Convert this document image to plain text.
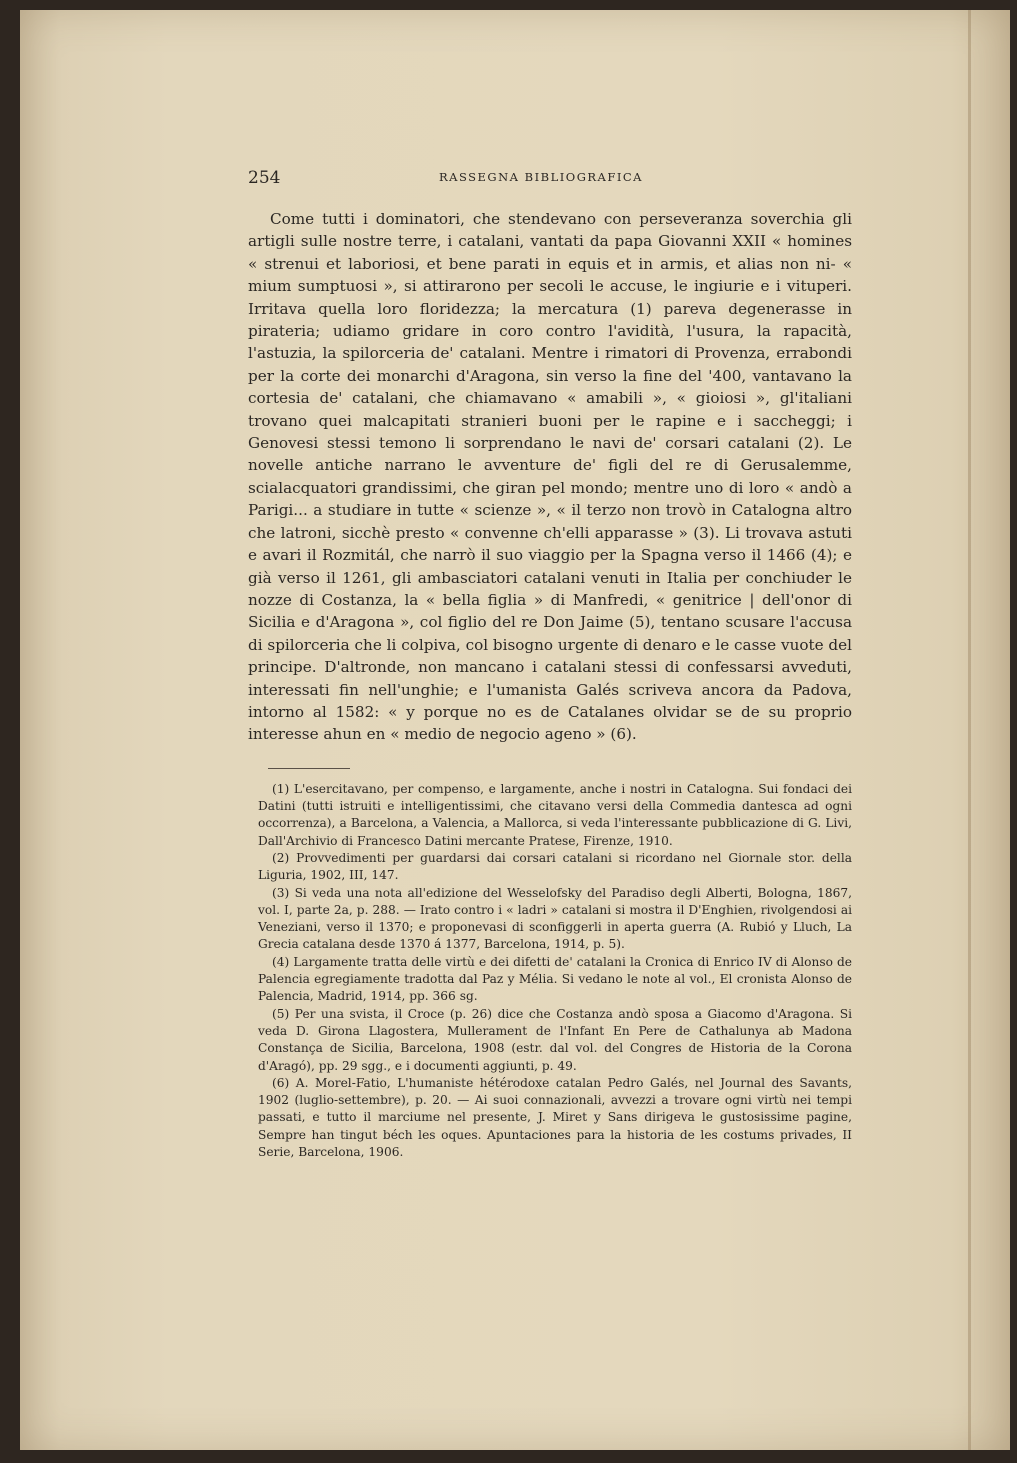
254	RASSEGNA BIBLIOGRAFICA

Come tutti i dominatori, che stendevano con perseveranza soverchia gli artigli sulle nostre terre, i catalani, vantati da papa Giovanni XXII « homines « strenui et laboriosi, et bene parati in equis et in armis, et alias non ni- « mium sumptuosi », si attirarono per secoli le accuse, le ingiurie e i vituperi. Irritava quella loro floridezza; la mercatura (1) pareva degenerasse in pirateria; udiamo gridare in coro contro l'avidità, l'usura, la rapacità, l'astuzia, la spilorceria de' catalani. Mentre i rimatori di Provenza, errabondi per la corte dei monarchi d'Aragona, sin verso la fine del '400, vantavano la cortesia de' catalani, che chiamavano « amabili », « gioiosi », gl'italiani trovano quei malcapitati stranieri buoni per le rapine e i saccheggi; i Genovesi stessi temono li sorprendano le navi de' corsari catalani (2). Le novelle antiche narrano le avventure de' figli del re di Gerusalemme, scialacquatori grandissimi, che giran pel mondo; mentre uno di loro « andò a Parigi... a studiare in tutte « scienze », « il terzo non trovò in Catalogna altro che latroni, sicchè presto « convenne ch'elli apparasse » (3). Li trovava astuti e avari il Rozmitál, che narrò il suo viaggio per la Spagna verso il 1466 (4); e già verso il 1261, gli ambasciatori catalani venuti in Italia per conchiuder le nozze di Costanza, la « bella figlia » di Manfredi, « genitrice | dell'onor di Sicilia e d'Aragona », col figlio del re Don Jaime (5), tentano scusare l'accusa di spilorceria che li colpiva, col bisogno urgente di denaro e le casse vuote del principe. D'altronde, non mancano i catalani stessi di confessarsi avveduti, interessati fin nell'unghie; e l'umanista Galés scriveva ancora da Padova, intorno al 1582: « y porque no es de Catalanes olvidar se de su proprio interesse ahun en « medio de negocio ageno » (6).

(1) L'esercitavano, per compenso, e largamente, anche i nostri in Catalogna. Sui fondaci dei Datini (tutti istruiti e intelligentissimi, che citavano versi della Commedia dantesca ad ogni occorrenza), a Barcelona, a Valencia, a Mallorca, si veda l'interessante pubblicazione di G. Livi, Dall'Archivio di Francesco Datini mercante Pratese, Firenze, 1910.

(2) Provvedimenti per guardarsi dai corsari catalani si ricordano nel Giornale stor. della Liguria, 1902, III, 147.

(3) Si veda una nota all'edizione del Wesselofsky del Paradiso degli Alberti, Bologna, 1867, vol. I, parte 2a, p. 288. — Irato contro i « ladri » catalani si mostra il D'Enghien, rivolgendosi ai Veneziani, verso il 1370; e proponevasi di sconfiggerli in aperta guerra (A. Rubió y Lluch, La Grecia catalana desde 1370 á 1377, Barcelona, 1914, p. 5).

(4) Largamente tratta delle virtù e dei difetti de' catalani la Cronica di Enrico IV di Alonso de Palencia egregiamente tradotta dal Paz y Mélia. Si vedano le note al vol., El cronista Alonso de Palencia, Madrid, 1914, pp. 366 sg.

(5) Per una svista, il Croce (p. 26) dice che Costanza andò sposa a Giacomo d'Aragona. Si veda D. Girona Llagostera, Mullerament de l'Infant En Pere de Cathalunya ab Madona Constança de Sicilia, Barcelona, 1908 (estr. dal vol. del Congres de Historia de la Corona d'Aragó), pp. 29 sgg., e i documenti aggiunti, p. 49.

(6) A. Morel-Fatio, L'humaniste hétérodoxe catalan Pedro Galés, nel Journal des Savants, 1902 (luglio-settembre), p. 20. — Ai suoi connazionali, avvezzi a trovare ogni virtù nei tempi passati, e tutto il marciume nel presente, J. Miret y Sans dirigeva le gustosissime pagine, Sempre han tingut béch les oques. Apuntaciones para la historia de les costums privades, II Serie, Barcelona, 1906.
